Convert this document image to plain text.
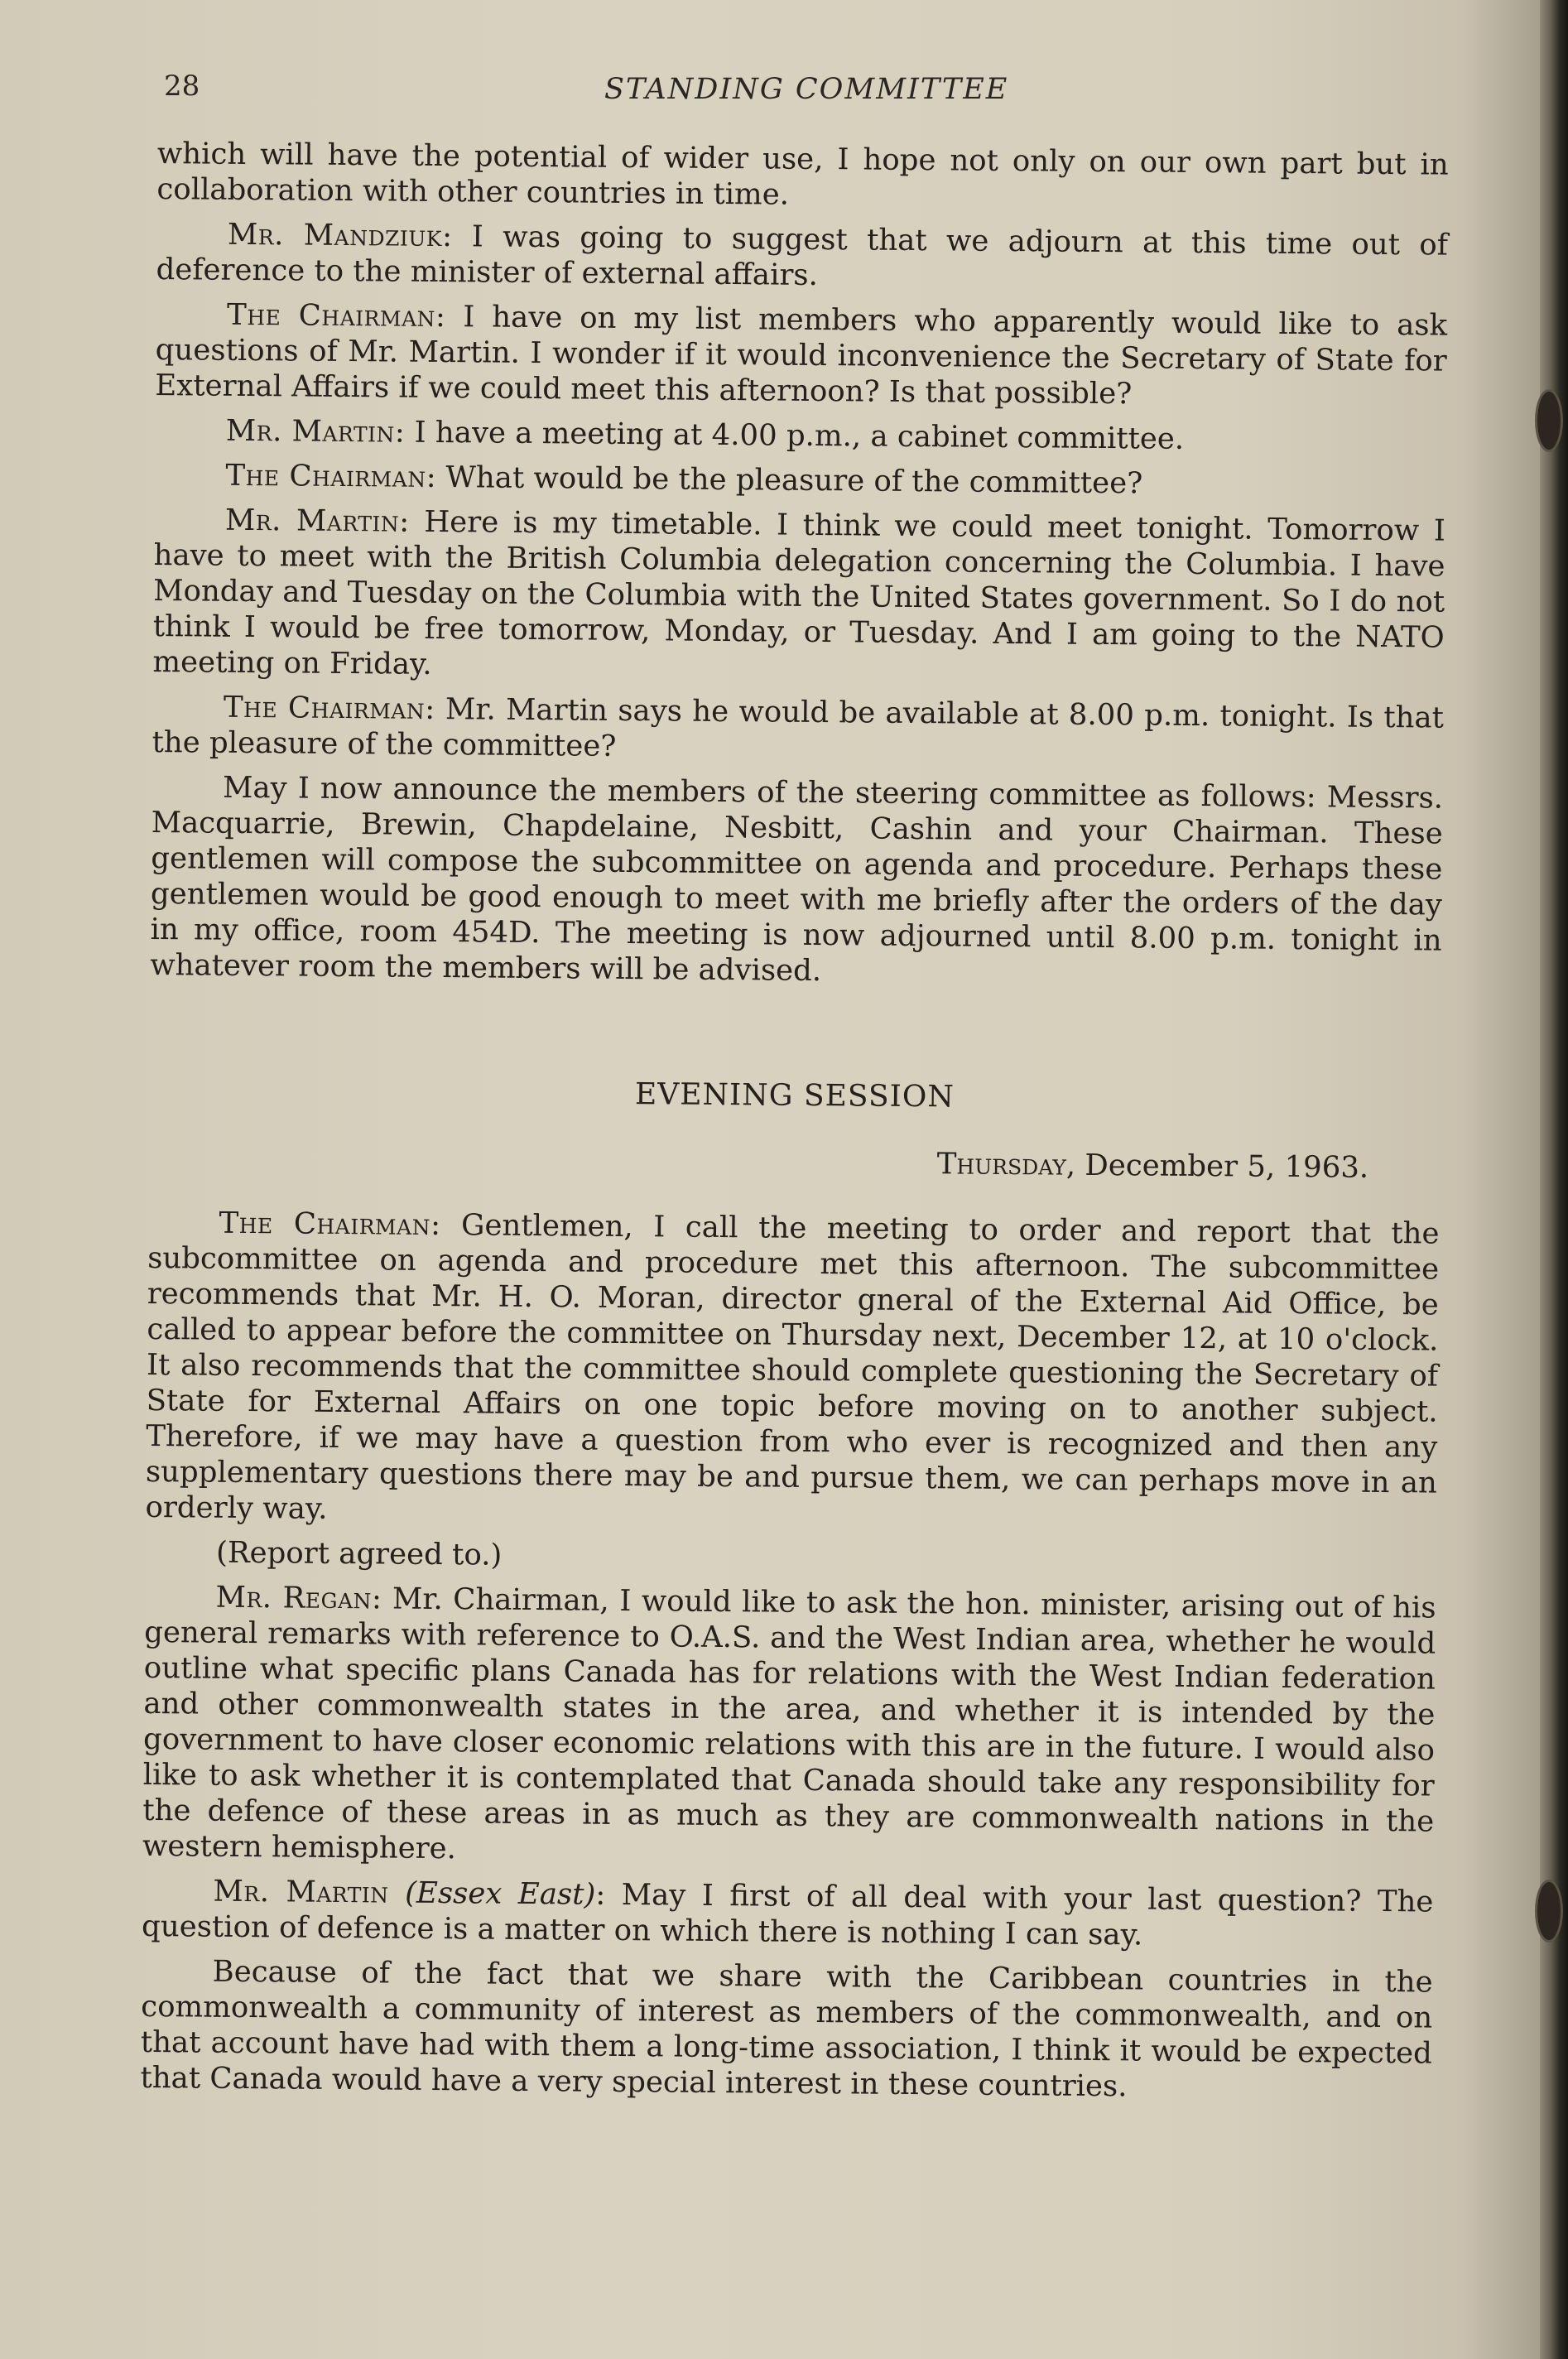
28	STANDING COMMITTEE

which will have the potential of wider use, I hope not only on our own part but in collaboration with other countries in time.

Mr. Mandziuk: I was going to suggest that we adjourn at this time out of deference to the minister of external affairs.

The Chairman: I have on my list members who apparently would like to ask questions of Mr. Martin. I wonder if it would inconvenience the Secretary of State for External Affairs if we could meet this afternoon? Is that possible?

Mr. Martin: I have a meeting at 4.00 p.m., a cabinet committee.

The Chairman: What would be the pleasure of the committee?

Mr. Martin: Here is my timetable. I think we could meet tonight. Tomorrow I have to meet with the British Columbia delegation concerning the Columbia. I have Monday and Tuesday on the Columbia with the United States government. So I do not think I would be free tomorrow, Monday, or Tuesday. And I am going to the NATO meeting on Friday.

The Chairman: Mr. Martin says he would be available at 8.00 p.m. tonight. Is that the pleasure of the committee?

May I now announce the members of the steering committee as follows: Messrs. Macquarrie, Brewin, Chapdelaine, Nesbitt, Cashin and your Chairman. These gentlemen will compose the subcommittee on agenda and procedure. Perhaps these gentlemen would be good enough to meet with me briefly after the orders of the day in my office, room 454D. The meeting is now adjourned until 8.00 p.m. tonight in whatever room the members will be advised.

EVENING SESSION

Thursday, December 5, 1963.

The Chairman: Gentlemen, I call the meeting to order and report that the subcommittee on agenda and procedure met this afternoon. The subcommittee recommends that Mr. H. O. Moran, director gneral of the External Aid Office, be called to appear before the committee on Thursday next, December 12, at 10 o'clock. It also recommends that the committee should complete questioning the Secretary of State for External Affairs on one topic before moving on to another subject. Therefore, if we may have a question from who ever is recognized and then any supplementary questions there may be and pursue them, we can perhaps move in an orderly way.

(Report agreed to.)

Mr. Regan: Mr. Chairman, I would like to ask the hon. minister, arising out of his general remarks with reference to O.A.S. and the West Indian area, whether he would outline what specific plans Canada has for relations with the West Indian federation and other commonwealth states in the area, and whether it is intended by the government to have closer economic relations with this are in the future. I would also like to ask whether it is contemplated that Canada should take any responsibility for the defence of these areas in as much as they are commonwealth nations in the western hemisphere.

Mr. Martin (Essex East): May I first of all deal with your last question? The question of defence is a matter on which there is nothing I can say.

Because of the fact that we share with the Caribbean countries in the commonwealth a community of interest as members of the commonwealth, and on that account have had with them a long-time association, I think it would be expected that Canada would have a very special interest in these countries.
